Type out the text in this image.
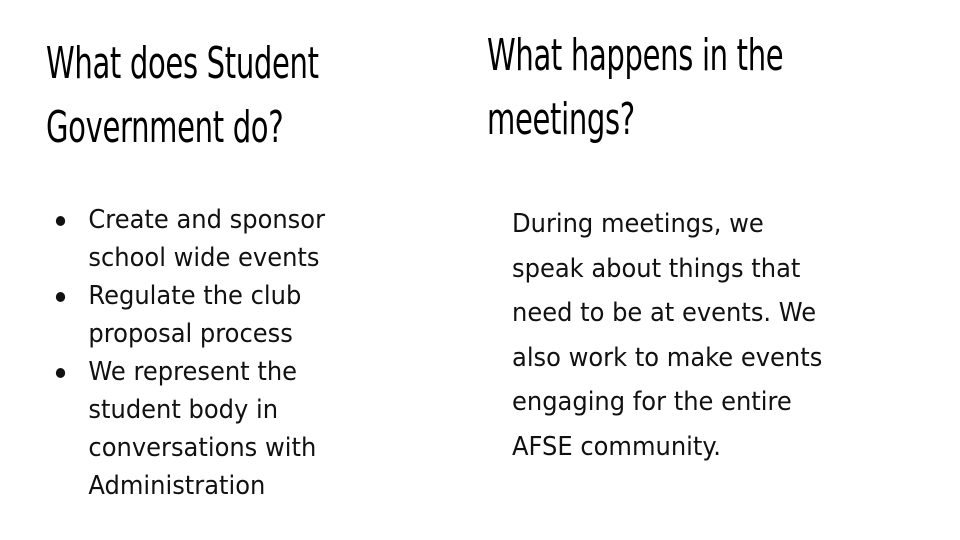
What does Student
Government do?
Create and sponsor
school wide events
Regulate the club
proposal process
We represent the
student body in
conversations with
Administration
What happens in the
meetings?

During meetings, we
speak about things that
need to be at events. We
also work to make events
engaging for the entire
AFSE community.
